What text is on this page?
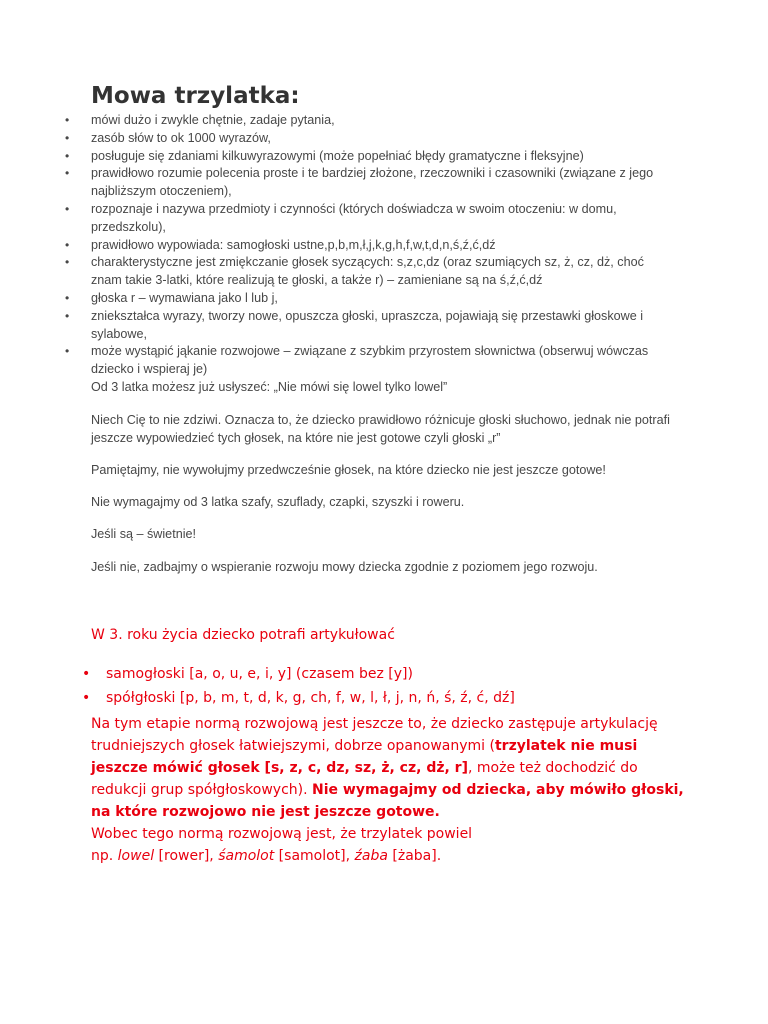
Mowa trzylatka:
• mówi dużo i zwykle chętnie, zadaje pytania,
• zasób słów to ok 1000 wyrazów,
• posługuje się zdaniami kilkuwyrazowymi (może popełniać błędy gramatyczne i fleksyjne)
• prawidłowo rozumie polecenia proste i te bardziej złożone, rzeczowniki i czasowniki (związane z jego najbliższym otoczeniem),
• rozpoznaje i nazywa przedmioty i czynności (których doświadcza w swoim otoczeniu: w domu, przedszkolu),
• prawidłowo wypowiada: samogłoski ustne,p,b,m,ł,j,k,g,h,f,w,t,d,n,ś,ź,ć,dź
• charakterystyczne jest zmiękczanie głosek syczących: s,z,c,dz (oraz szumiących sz, ż, cz, dż, choć znam takie 3-latki, które realizują te głoski, a także r) – zamieniane są na ś,ź,ć,dź
• głoska r – wymawiana jako l lub j,
• zniekształca wyrazy, tworzy nowe, opuszcza głoski, upraszcza, pojawiają się przestawki głoskowe i sylabowe,
• może wystąpić jąkanie rozwojowe – związane z szybkim przyrostem słownictwa (obserwuj wówczas dziecko i wspieraj je)
Od 3 latka możesz już usłyszeć: „Nie mówi się lowel tylko lowel”
Niech Cię to nie zdziwi. Oznacza to, że dziecko prawidłowo różnicuje głoski słuchowo, jednak nie potrafi jeszcze wypowiedzieć tych głosek, na które nie jest gotowe czyli głoski „r”
Pamiętajmy, nie wywołujmy przedwcześnie głosek, na które dziecko nie jest jeszcze gotowe!
Nie wymagajmy od 3 latka szafy, szuflady, czapki, szyszki i roweru.
Jeśli są – świetnie!
Jeśli nie, zadbajmy o wspieranie rozwoju mowy dziecka zgodnie z poziomem jego rozwoju.
W 3. roku życia dziecko potrafi artykułować
• samogłoski [a, o, u, e, i, y] (czasem bez [y])
• spółgłoski [p, b, m, t, d, k, g, ch, f, w, l, ł, j, n, ń, ś, ź, ć, dź]
Na tym etapie normą rozwojową jest jeszcze to, że dziecko zastępuje artykulację trudniejszych głosek łatwiejszymi, dobrze opanowanymi (trzylatek nie musi jeszcze mówić głosek [s, z, c, dz, sz, ż, cz, dż, r], może też dochodzić do redukcji grup spółgłoskowych). Nie wymagajmy od dziecka, aby mówiło głoski, na które rozwojowo nie jest jeszcze gotowe.
Wobec tego normą rozwojową jest, że trzylatek powiel
np. lowel [rower], śamolot [samolot], źaba [żaba].
